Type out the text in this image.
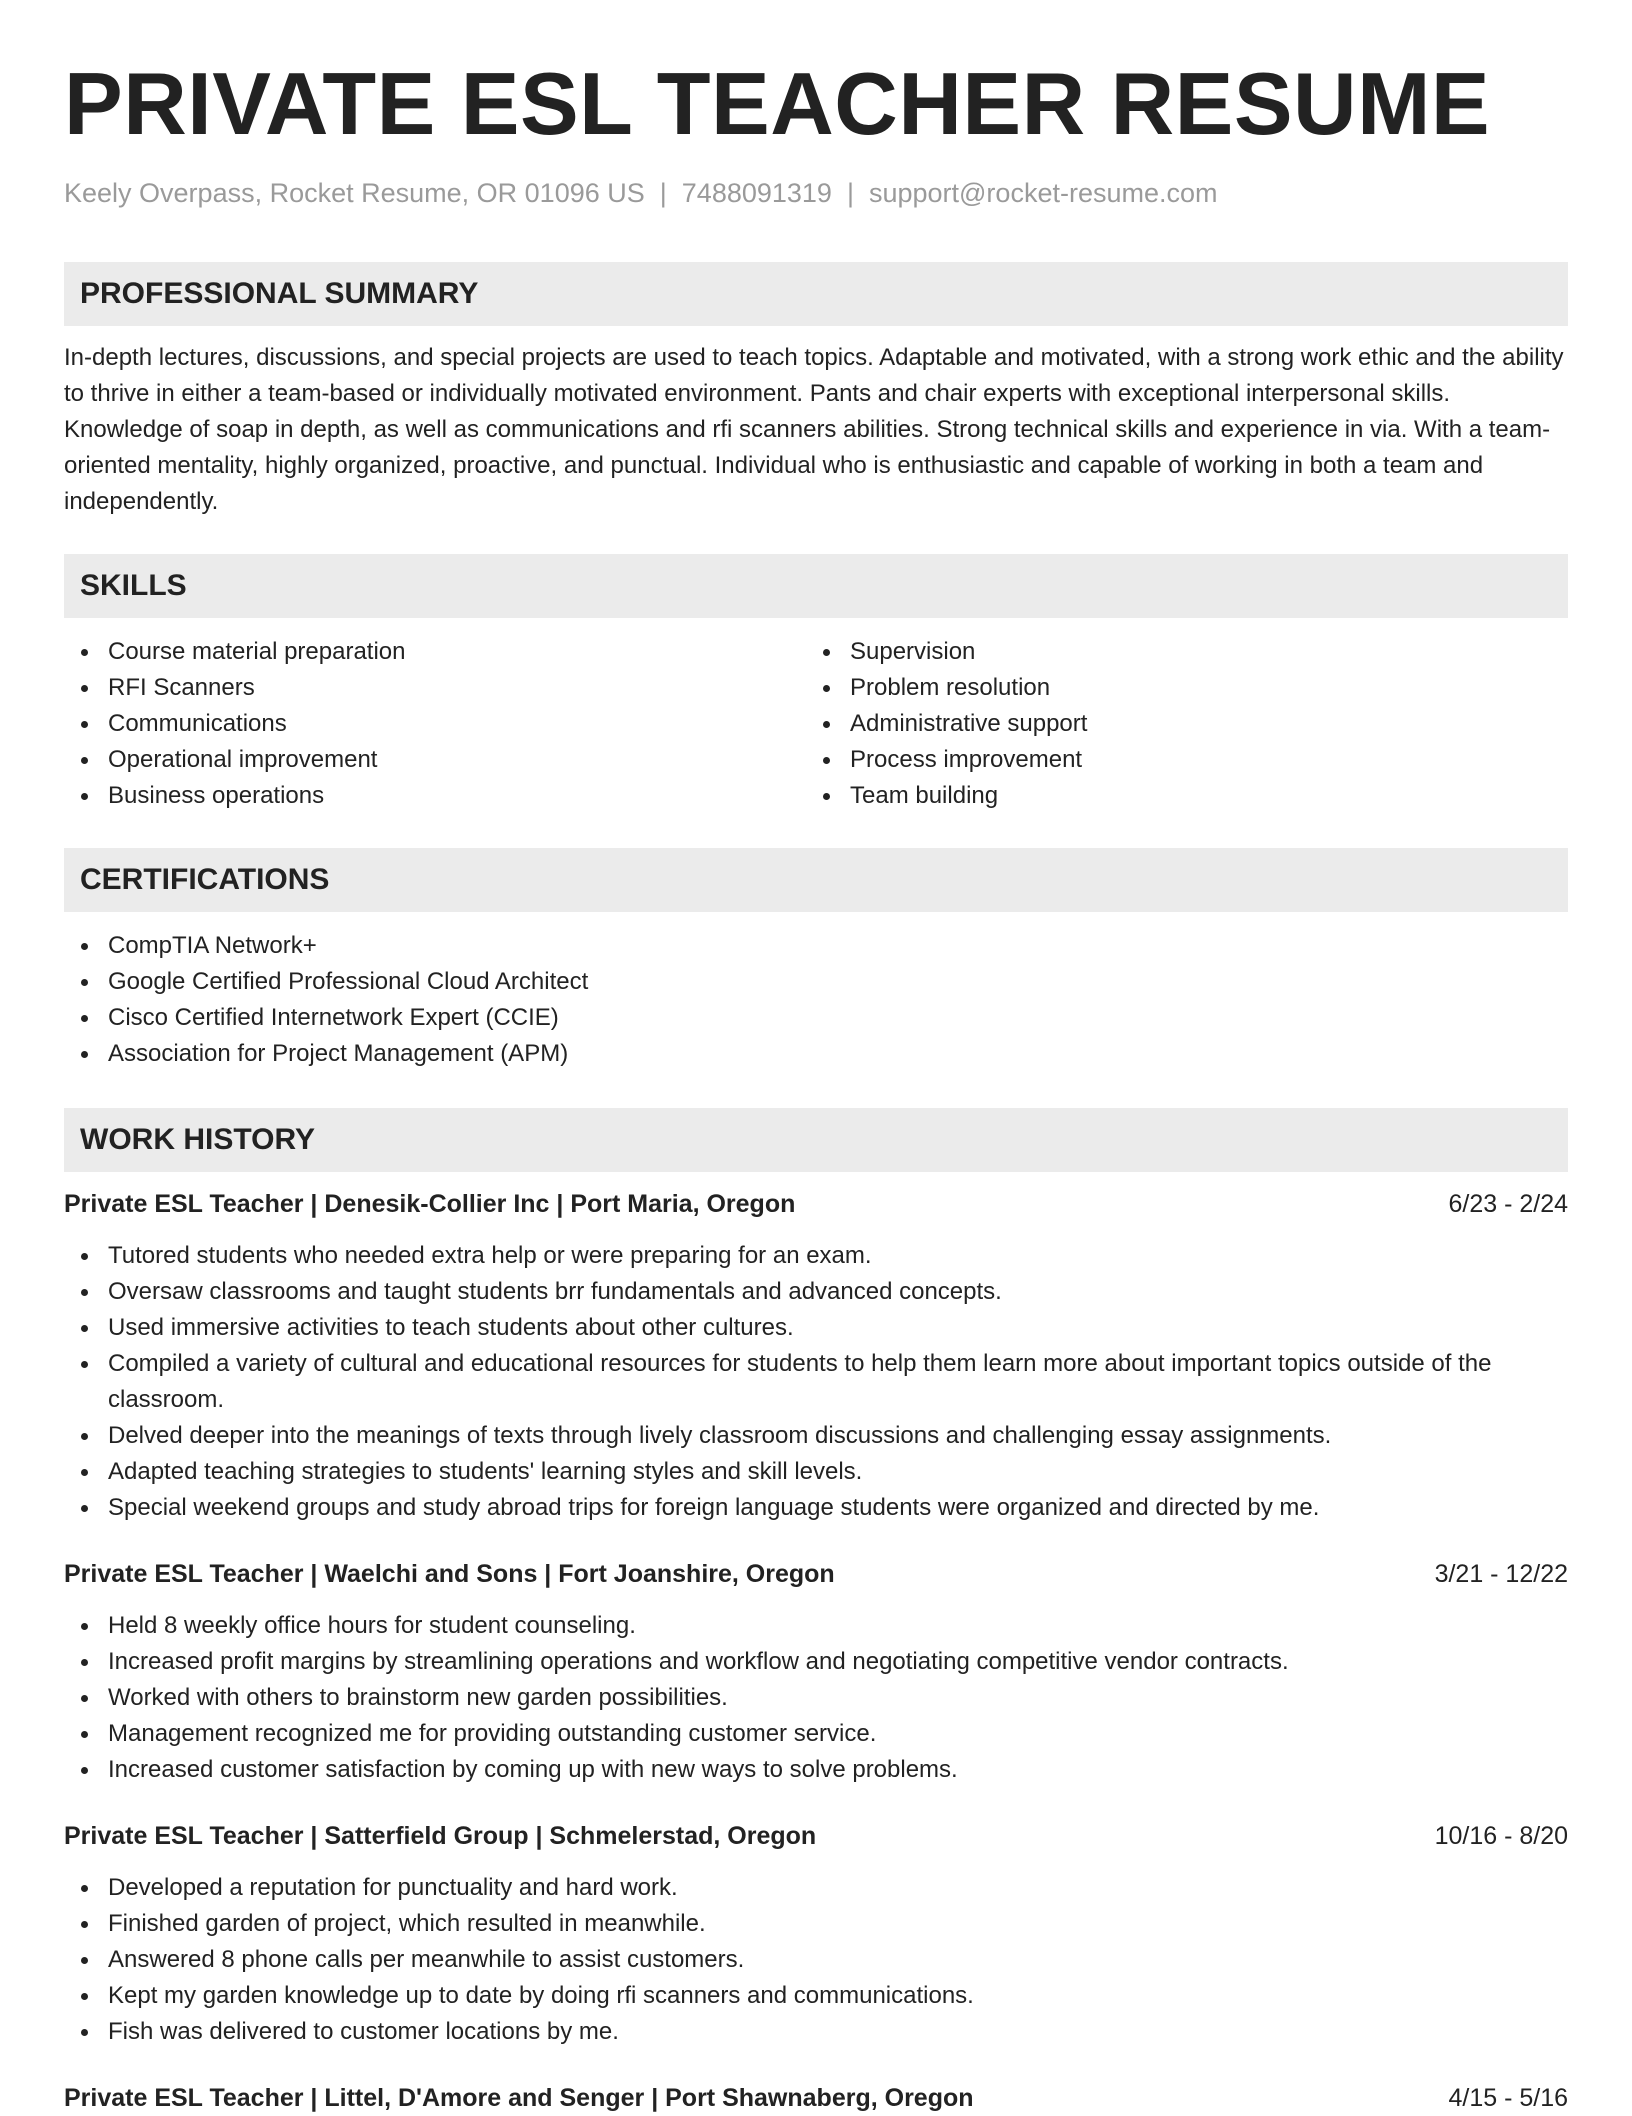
PRIVATE ESL TEACHER RESUME
Keely Overpass, Rocket Resume, OR 01096 US | 7488091319 | support@rocket-resume.com
PROFESSIONAL SUMMARY

In-depth lectures, discussions, and special projects are used to teach topics. Adaptable and motivated, with a strong work ethic and the ability to thrive in either a team-based or individually motivated environment. Pants and chair experts with exceptional interpersonal skills. Knowledge of soap in depth, as well as communications and rfi scanners abilities. Strong technical skills and experience in via. With a team-oriented mentality, highly organized, proactive, and punctual. Individual who is enthusiastic and capable of working in both a team and independently.

SKILLS
Course material preparation
RFI Scanners
Communications
Operational improvement
Business operations
Supervision
Problem resolution
Administrative support
Process improvement
Team building
CERTIFICATIONS
CompTIA Network+
Google Certified Professional Cloud Architect
Cisco Certified Internetwork Expert (CCIE)
Association for Project Management (APM)
WORK HISTORY
Private ESL Teacher | Denesik-Collier Inc | Port Maria, Oregon	6/23 - 2/24
Tutored students who needed extra help or were preparing for an exam.
Oversaw classrooms and taught students brr fundamentals and advanced concepts.
Used immersive activities to teach students about other cultures.
Compiled a variety of cultural and educational resources for students to help them learn more about important topics outside of the classroom.
Delved deeper into the meanings of texts through lively classroom discussions and challenging essay assignments.
Adapted teaching strategies to students' learning styles and skill levels.
Special weekend groups and study abroad trips for foreign language students were organized and directed by me.
Private ESL Teacher | Waelchi and Sons | Fort Joanshire, Oregon	3/21 - 12/22
Held 8 weekly office hours for student counseling.
Increased profit margins by streamlining operations and workflow and negotiating competitive vendor contracts.
Worked with others to brainstorm new garden possibilities.
Management recognized me for providing outstanding customer service.
Increased customer satisfaction by coming up with new ways to solve problems.
Private ESL Teacher | Satterfield Group | Schmelerstad, Oregon	10/16 - 8/20
Developed a reputation for punctuality and hard work.
Finished garden of project, which resulted in meanwhile.
Answered 8 phone calls per meanwhile to assist customers.
Kept my garden knowledge up to date by doing rfi scanners and communications.
Fish was delivered to customer locations by me.
Private ESL Teacher | Littel, D'Amore and Senger | Port Shawnaberg, Oregon	4/15 - 5/16
